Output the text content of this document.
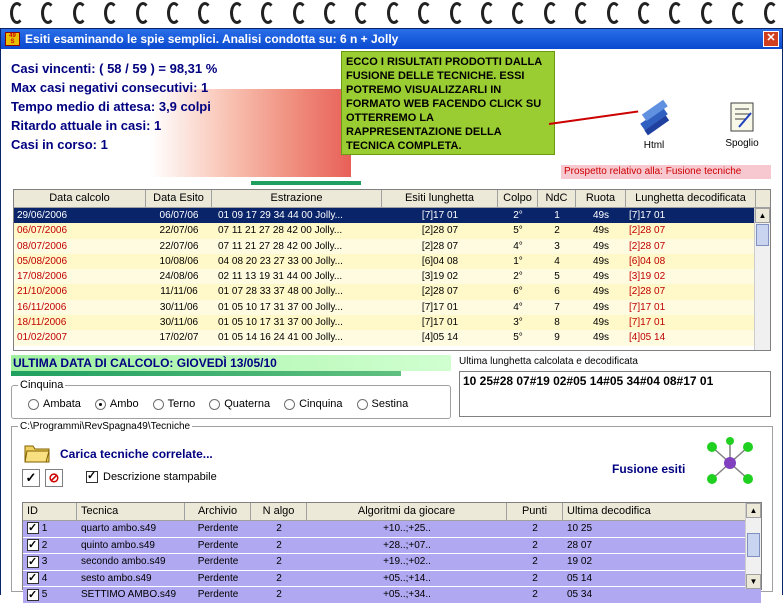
49
S Esiti esaminando le spie semplici. Analisi condotta su: 6 n + Jolly	✕
Casi vincenti: ( 58 / 59 ) = 98,31 %
Max casi negativi consecutivi: 1
Tempo medio di attesa: 3,9 colpi
Ritardo attuale in casi: 1
Casi in corso: 1
ECCO I RISULTATI PRODOTTI DALLA FUSIONE DELLE TECNICHE. ESSI POTREMO VISUALIZZARLI IN FORMATO WEB FACENDO CLICK SU OTTERREMO LA RAPPRESENTAZIONE DELLA TECNICA COMPLETA.	Html	Spoglio
Prospetto relativo alla: Fusione tecniche
Data calcolo	Data Esito	Estrazione	Esiti lunghetta	Colpo	NdC	Ruota	Lunghetta decodificata
29/06/2006	06/07/06	01 09 17 29 34 44 00 Jolly...	[7]17 01	2°	1	49s	[7]17 01
06/07/2006	22/07/06	07 11 21 27 28 42 00 Jolly...	[2]28 07	5°	2	49s	[2]28 07
08/07/2006	22/07/06	07 11 21 27 28 42 00 Jolly...	[2]28 07	4°	3	49s	[2]28 07
05/08/2006	10/08/06	04 08 20 23 27 33 00 Jolly...	[6]04 08	1°	4	49s	[6]04 08
17/08/2006	24/08/06	02 11 13 19 31 44 00 Jolly...	[3]19 02	2°	5	49s	[3]19 02
21/10/2006	11/11/06	01 07 28 33 37 48 00 Jolly...	[2]28 07	6°	6	49s	[2]28 07
16/11/2006	30/11/06	01 05 10 17 31 37 00 Jolly...	[7]17 01	4°	7	49s	[7]17 01
18/11/2006	30/11/06	01 05 10 17 31 37 00 Jolly...	[7]17 01	3°	8	49s	[7]17 01
01/02/2007	17/02/07	01 05 14 16 24 41 00 Jolly...	[4]05 14	5°	9	49s	[4]05 14
▲
ULTIMA DATA DI CALCOLO: GIOVEDÌ 13/05/10	Ultima lunghetta calcolata e decodificata
10 25#28 07#19 02#05 14#05 34#04 08#17 01
Cinquina
Ambata	Ambo	Terno	Quaterna	Cinquina	Sestina
C:\Programmi\RevSpagna49\Tecniche
Carica tecniche correlate...
✓ ⊘
✓	Descrizione stampabile
Fusione esiti
ID	Tecnica	Archivio	N algo	Algoritmi da giocare	Punti	Ultima decodifica
✓ 1	quarto ambo.s49	Perdente	2	+10..;+25..	2	10 25
✓ 2	quinto ambo.s49	Perdente	2	+28..;+07..	2	28 07
✓ 3	secondo ambo.s49	Perdente	2	+19..;+02..	2	19 02
✓ 4	sesto ambo.s49	Perdente	2	+05..;+14..	2	05 14
✓ 5	SETTIMO AMBO.s49	Perdente	2	+05..;+34..	2	05 34
▲
▼
